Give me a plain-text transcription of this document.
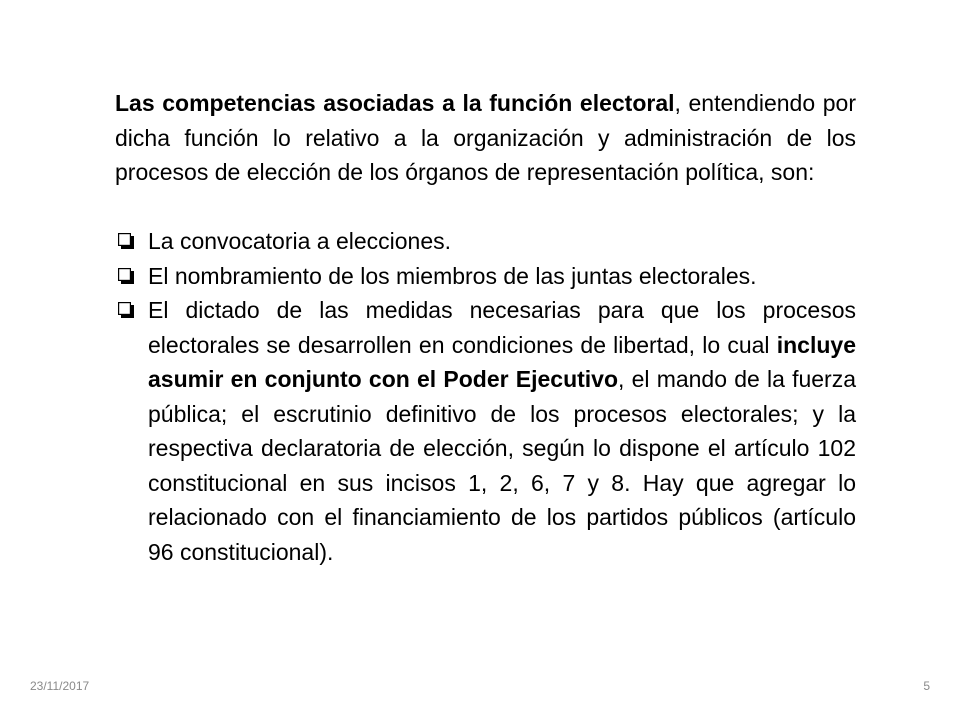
Las competencias asociadas a la función electoral, entendiendo por dicha función lo relativo a la organización y administración de los procesos de elección de los órganos de representación política, son:

La convocatoria a elecciones.
El nombramiento de los miembros de las juntas electorales.
El dictado de las medidas necesarias para que los procesos electorales se desarrollen en condiciones de libertad, lo cual incluye asumir en conjunto con el Poder Ejecutivo, el mando de la fuerza pública; el escrutinio definitivo de los procesos electorales; y la respectiva declaratoria de elección, según lo dispone el artículo 102 constitucional en sus incisos 1, 2, 6, 7 y 8. Hay que agregar lo relacionado con el financiamiento de los partidos públicos (artículo 96 constitucional).
23/11/2017	5
